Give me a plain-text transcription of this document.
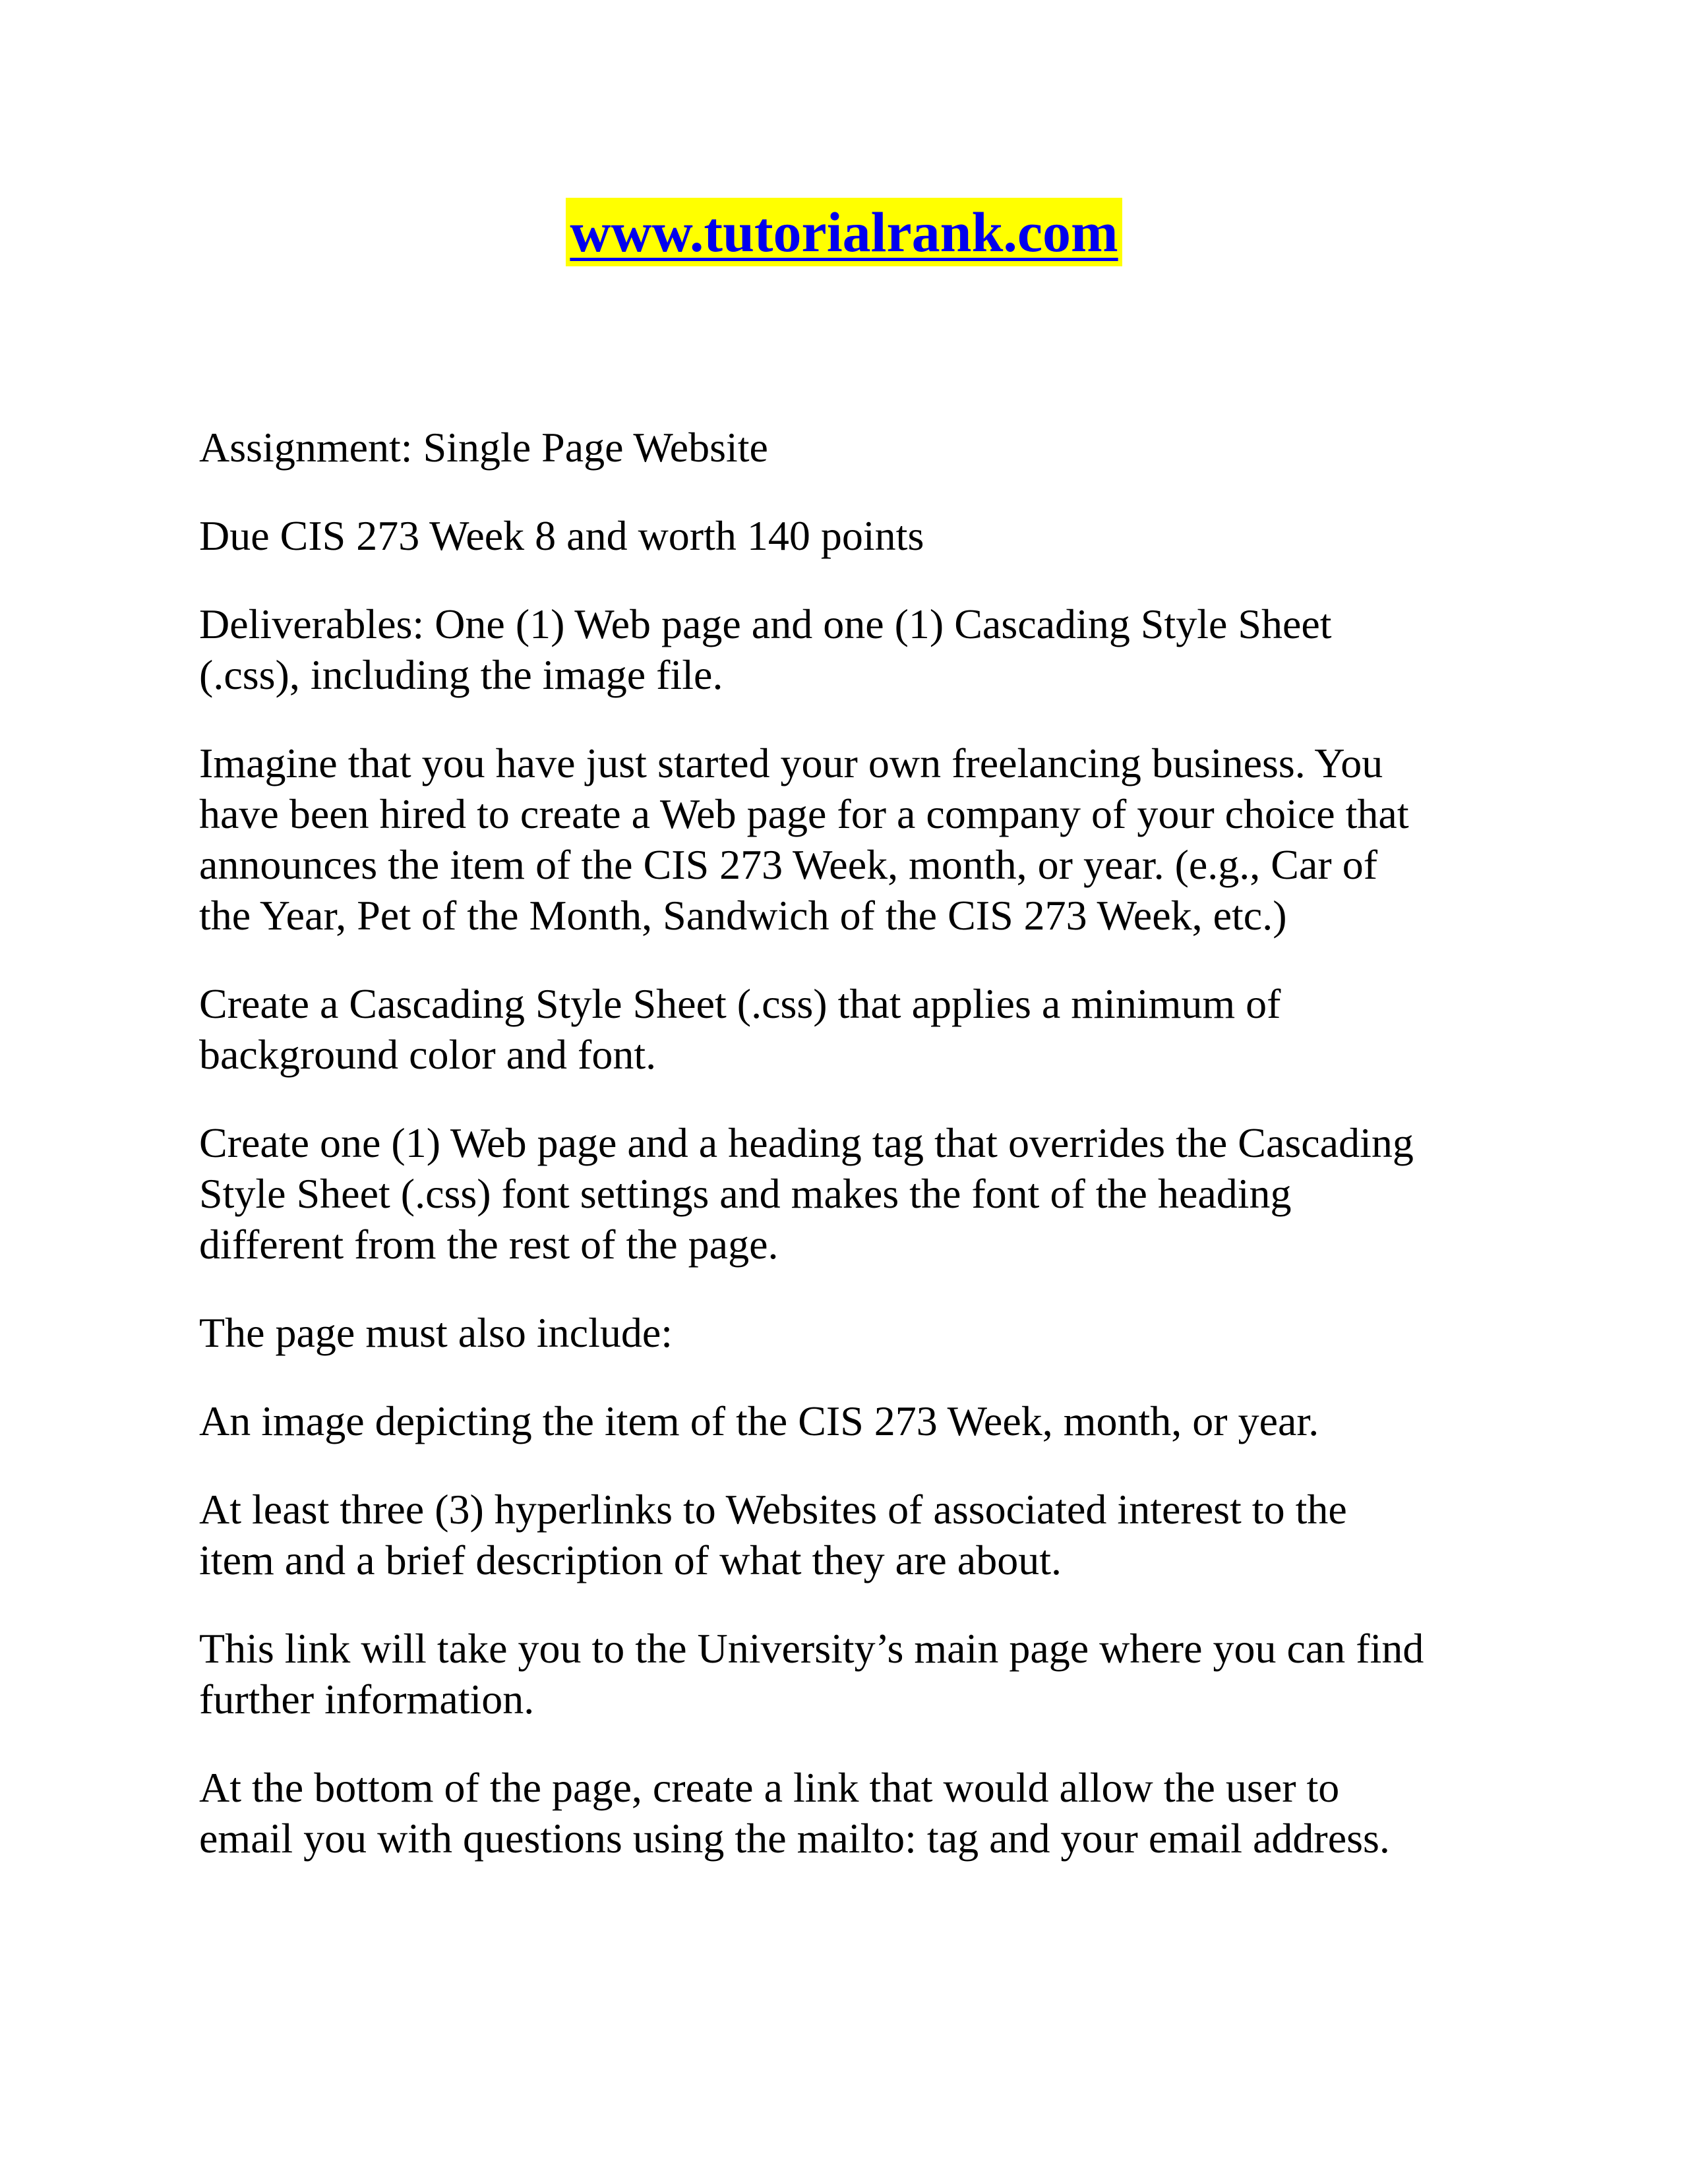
www.tutorialrank.com

Assignment: Single Page Website

Due CIS 273 Week 8 and worth 140 points

Deliverables: One (1) Web page and one (1) Cascading Style Sheet
(.css), including the image file.

Imagine that you have just started your own freelancing business. You
have been hired to create a Web page for a company of your choice that
announces the item of the CIS 273 Week, month, or year. (e.g., Car of
the Year, Pet of the Month, Sandwich of the CIS 273 Week, etc.)

Create a Cascading Style Sheet (.css) that applies a minimum of
background color and font.

Create one (1) Web page and a heading tag that overrides the Cascading
Style Sheet (.css) font settings and makes the font of the heading
different from the rest of the page.

The page must also include:

An image depicting the item of the CIS 273 Week, month, or year.

At least three (3) hyperlinks to Websites of associated interest to the
item and a brief description of what they are about.

This link will take you to the University’s main page where you can find
further information.

At the bottom of the page, create a link that would allow the user to
email you with questions using the mailto: tag and your email address.
